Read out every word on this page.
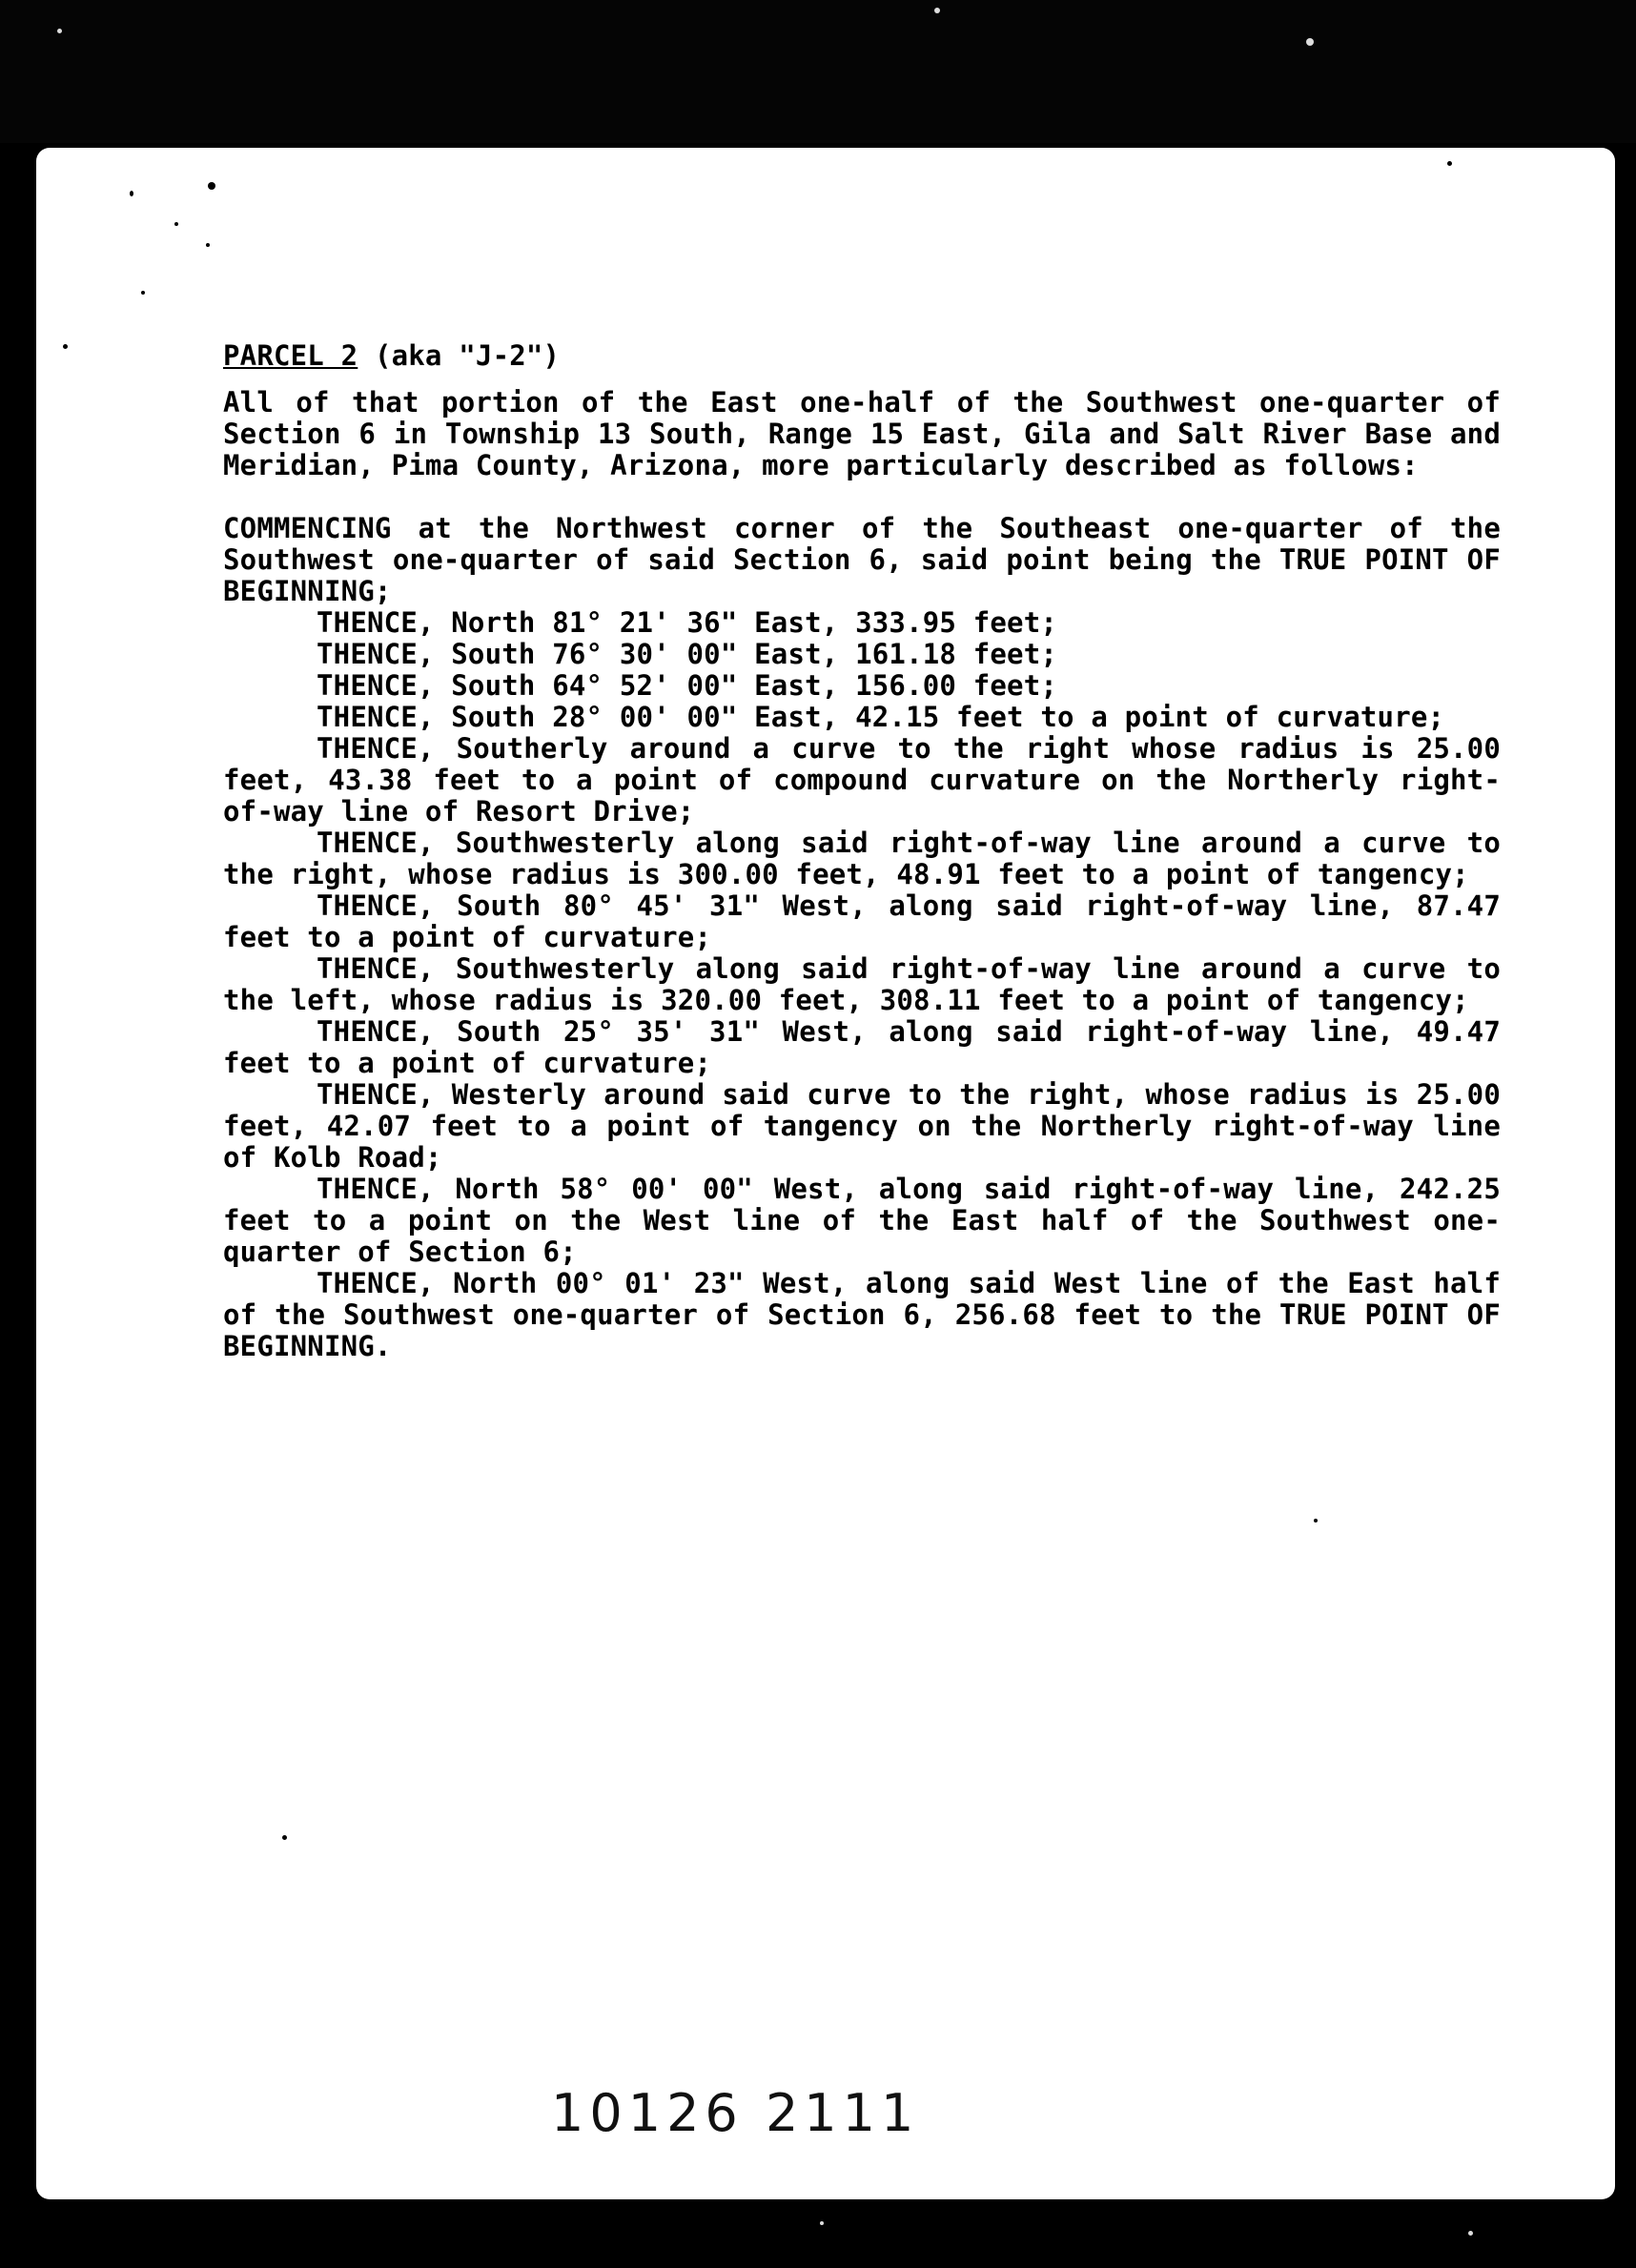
PARCEL 2 (aka "J-2")

All of that portion of the East one-half of the Southwest one-quarter of Section 6 in Township 13 South, Range 15 East, Gila and Salt River Base and Meridian, Pima County, Arizona, more particularly described as follows:

COMMENCING at the Northwest corner of the Southeast one-quarter of the Southwest one-quarter of said Section 6, said point being the TRUE POINT OF BEGINNING;

THENCE, North 81° 21' 36" East, 333.95 feet;

THENCE, South 76° 30' 00" East, 161.18 feet;

THENCE, South 64° 52' 00" East, 156.00 feet;

THENCE, South 28° 00' 00" East, 42.15 feet to a point of curvature;

THENCE, Southerly around a curve to the right whose radius is 25.00 feet, 43.38 feet to a point of compound curvature on the Northerly right-of-way line of Resort Drive;

THENCE, Southwesterly along said right-of-way line around a curve to the right, whose radius is 300.00 feet, 48.91 feet to a point of tangency;

THENCE, South 80° 45' 31" West, along said right-of-way line, 87.47 feet to a point of curvature;

THENCE, Southwesterly along said right-of-way line around a curve to the left, whose radius is 320.00 feet, 308.11 feet to a point of tangency;

THENCE, South 25° 35' 31" West, along said right-of-way line, 49.47 feet to a point of curvature;

THENCE, Westerly around said curve to the right, whose radius is 25.00 feet, 42.07 feet to a point of tangency on the Northerly right-of-way line of Kolb Road;

THENCE, North 58° 00' 00" West, along said right-of-way line, 242.25 feet to a point on the West line of the East half of the Southwest one-quarter of Section 6;

THENCE, North 00° 01' 23" West, along said West line of the East half of the Southwest one-quarter of Section 6, 256.68 feet to the TRUE POINT OF BEGINNING.

10126 2111
